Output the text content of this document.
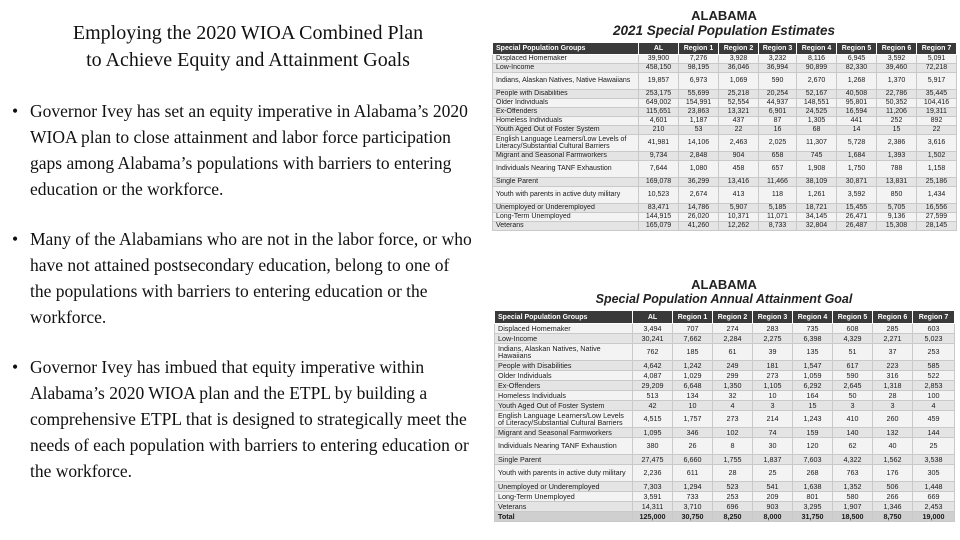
Employing the 2020 WIOA Combined Plan
to Achieve Equity and Attainment Goals
• Governor Ivey has set an equity imperative in Alabama’s 2020 WIOA plan to close attainment and labor force participation gaps among Alabama’s populations with barriers to entering education or the workforce.
• Many of the Alabamians who are not in the labor force, or who have not attained postsecondary education, belong to one of the populations with barriers to entering education or the workforce.
• Governor Ivey has imbued that equity imperative within Alabama’s 2020 WIOA plan and the ETPL by building a comprehensive ETPL that is designed to strategically meet the needs of each population with barriers to entering education or the workforce.
ALABAMA
2021 Special Population Estimates
Special Population Groups	AL	Region 1	Region 2	Region 3	Region 4	Region 5	Region 6	Region 7
Displaced Homemaker	39,900	7,276	3,928	3,232	8,116	6,945	3,592	5,091
Low-Income	458,150	98,195	36,046	36,994	90,899	82,330	39,460	72,218
Indians, Alaskan Natives, Native Hawaiians	19,857	6,973	1,069	590	2,670	1,268	1,370	5,917
People with Disabilities	253,175	55,699	25,218	20,254	52,167	40,508	22,786	35,445
Older Individuals	649,002	154,991	52,554	44,937	148,551	95,801	50,352	104,416
Ex-Offenders	115,651	23,863	13,321	6,901	24,525	16,594	11,206	19,311
Homeless Individuals	4,601	1,187	437	87	1,305	441	252	892
Youth Aged Out of Foster System	210	53	22	16	68	14	15	22
English Language Learners/Low Levels of Literacy/Substantial Cultural Barriers	41,981	14,106	2,463	2,025	11,307	5,728	2,386	3,616
Migrant and Seasonal Farmworkers	9,734	2,848	904	658	745	1,684	1,393	1,502
Individuals Nearing TANF Exhaustion	7,644	1,080	458	657	1,908	1,750	788	1,158
Single Parent	169,078	36,299	13,416	11,466	38,109	30,871	13,831	25,186
Youth with parents in active duty military	10,523	2,674	413	118	1,261	3,592	850	1,434
Unemployed or Underemployed	83,471	14,786	5,907	5,185	18,721	15,455	5,705	16,556
Long-Term Unemployed	144,915	26,020	10,371	11,071	34,145	26,471	9,136	27,599
Veterans	165,079	41,260	12,262	8,733	32,804	26,487	15,308	28,145
ALABAMA
Special Population Annual Attainment Goal
Special Population Groups	AL	Region 1	Region 2	Region 3	Region 4	Region 5	Region 6	Region 7
Displaced Homemaker	3,494	707	274	283	735	608	285	603
Low-Income	30,241	7,662	2,284	2,275	6,398	4,329	2,271	5,023
Indians, Alaskan Natives, Native Hawaiians	762	185	61	39	135	51	37	253
People with Disabilities	4,642	1,242	249	181	1,547	617	223	585
Older Individuals	4,087	1,029	299	273	1,059	590	316	522
Ex-Offenders	29,209	6,648	1,350	1,105	6,292	2,645	1,318	2,853
Homeless Individuals	513	134	32	10	164	50	28	100
Youth Aged Out of Foster System	42	10	4	3	15	3	3	4
English Language Learners/Low Levels of Literacy/Substantial Cultural Barriers	4,515	1,757	273	214	1,243	410	260	459
Migrant and Seasonal Farmworkers	1,095	346	102	74	159	140	132	144
Individuals Nearing TANF Exhaustion	380	26	8	30	120	62	40	25
Single Parent	27,475	6,660	1,755	1,837	7,603	4,322	1,562	3,538
Youth with parents in active duty military	2,236	611	28	25	268	763	176	305
Unemployed or Underemployed	7,303	1,294	523	541	1,638	1,352	506	1,448
Long-Term Unemployed	3,591	733	253	209	801	580	266	669
Veterans	14,311	3,710	696	903	3,295	1,907	1,346	2,453
Total	125,000	30,750	8,250	8,000	31,750	18,500	8,750	19,000
